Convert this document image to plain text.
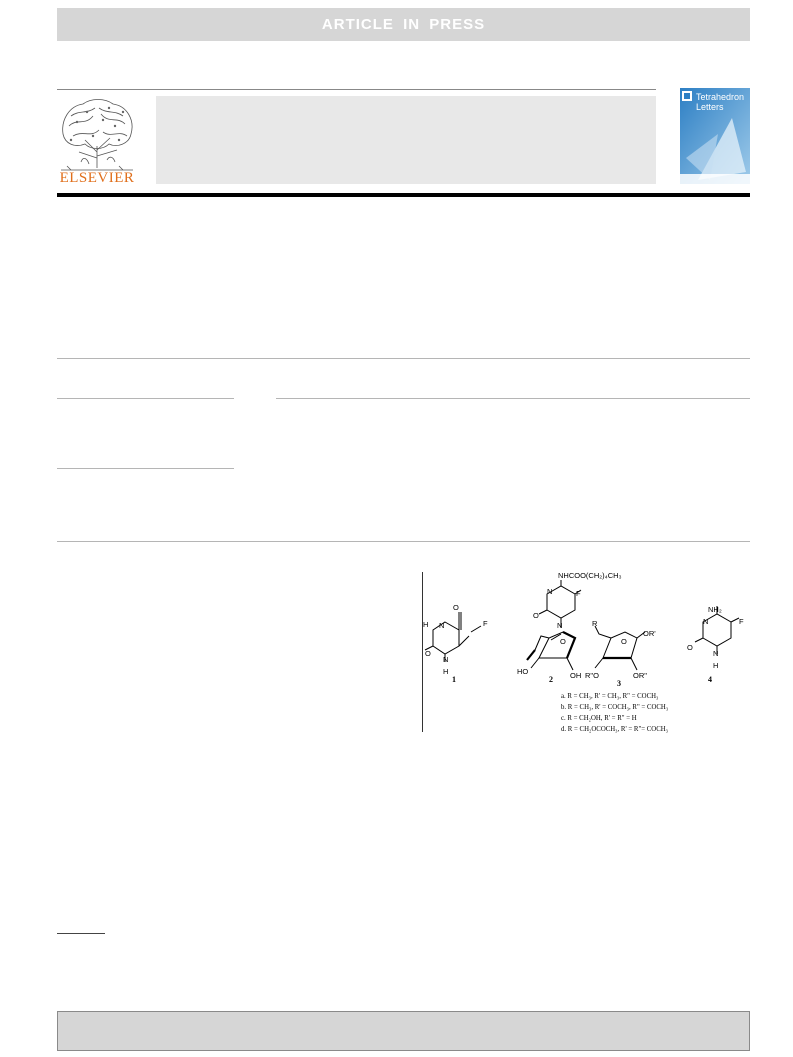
ARTICLE IN PRESS
ELSEVIER
Tetrahedron Letters
NHCOO(CH₂)₄CH₃
H N
O
F
O
N
H
N	F
O
N
O
HO	OH
R
O
OR'
R"O	OR"
NH₂
F
N
O
N
H
1	2	3	4
a. R = CH₃, R' = CH₃, R" = COCH₃
b. R = CH₃, R' = COCH₃, R" = COCH₃
c. R = CH₂OH, R' = R" = H
d. R = CH₂OCOCH₃, R' = R"= COCH₃
